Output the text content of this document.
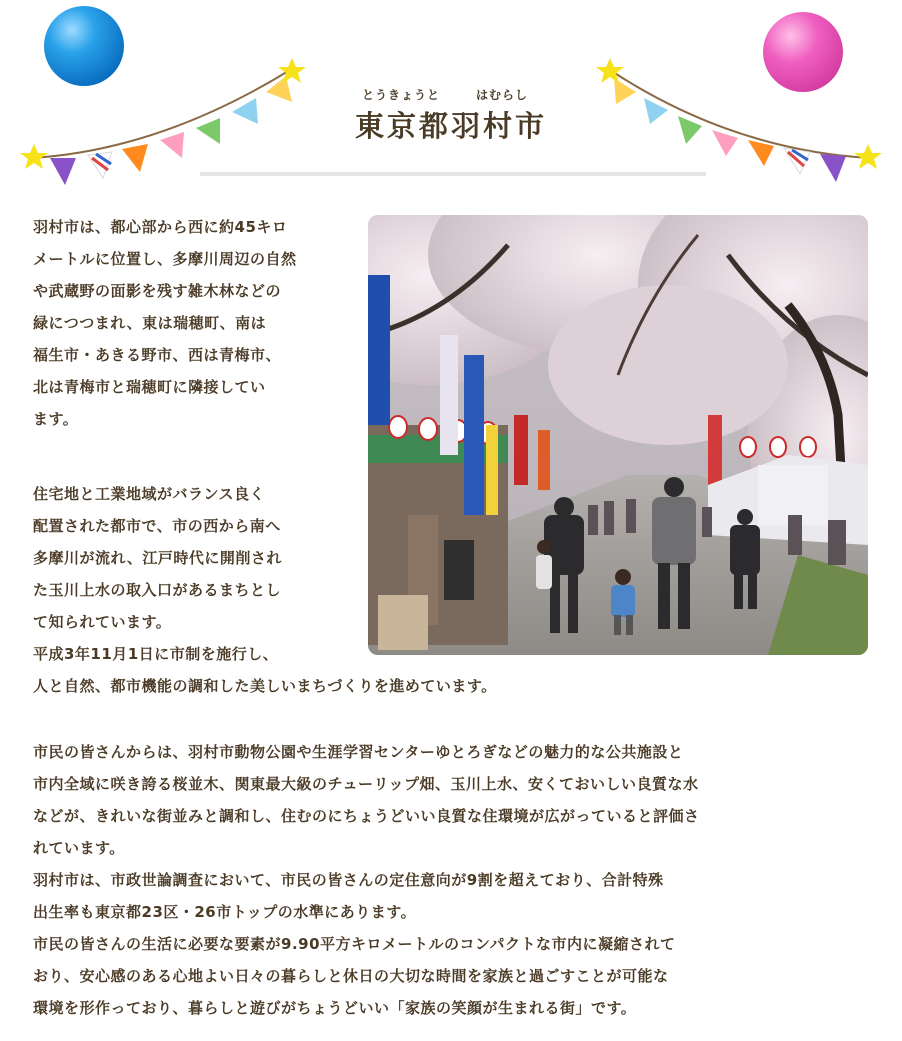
とうきょうと	はむらし
東京都羽村市
羽村市は、都心部から西に約45キロ
メートルに位置し、多摩川周辺の自然
や武蔵野の面影を残す雑木林などの
緑につつまれ、東は瑞穂町、南は
福生市・あきる野市、西は青梅市、
北は青梅市と瑞穂町に隣接してい
ます。
住宅地と工業地域がバランス良く
配置された都市で、市の西から南へ
多摩川が流れ、江戸時代に開削され
た玉川上水の取入口があるまちとし
て知られています。
平成3年11月1日に市制を施行し、
人と自然、都市機能の調和した美しいまちづくりを進めています。
市民の皆さんからは、羽村市動物公園や生涯学習センターゆとろぎなどの魅力的な公共施設と
市内全域に咲き誇る桜並木、関東最大級のチューリップ畑、玉川上水、安くておいしい良質な水
などが、きれいな街並みと調和し、住むのにちょうどいい良質な住環境が広がっていると評価さ
れています。
羽村市は、市政世論調査において、市民の皆さんの定住意向が9割を超えており、合計特殊
出生率も東京都23区・26市トップの水準にあります。
市民の皆さんの生活に必要な要素が9.90平方キロメートルのコンパクトな市内に凝縮されて
おり、安心感のある心地よい日々の暮らしと休日の大切な時間を家族と過ごすことが可能な
環境を形作っており、暮らしと遊びがちょうどいい「家族の笑顔が生まれる街」です。
